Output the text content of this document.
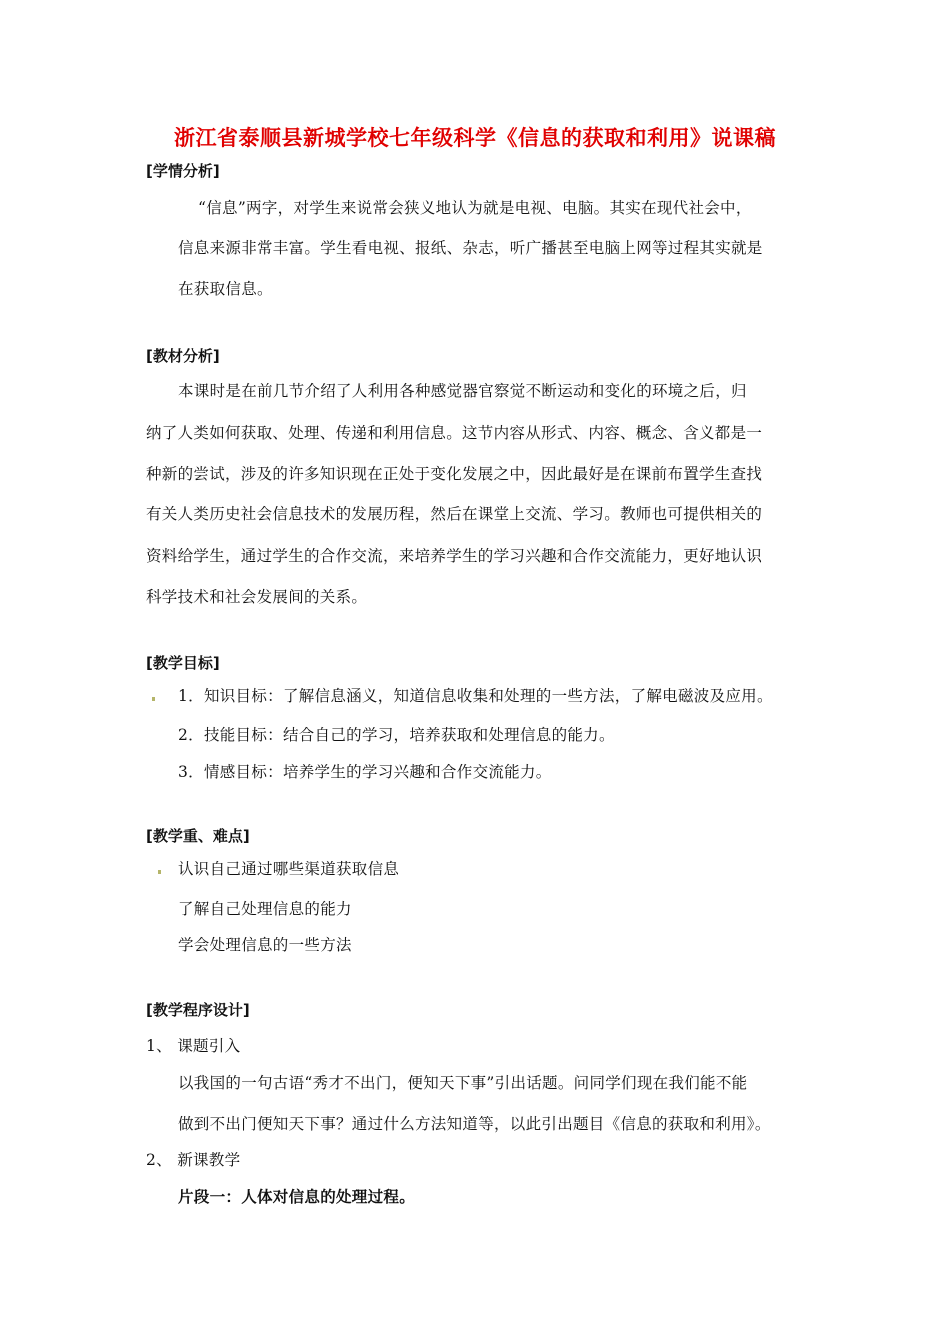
浙江省泰顺县新城学校七年级科学《信息的获取和利用》说课稿
[学情分析]
“信息”两字，对学生来说常会狭义地认为就是电视、电脑。其实在现代社会中，
信息来源非常丰富。学生看电视、报纸、杂志，听广播甚至电脑上网等过程其实就是
在获取信息。
[教材分析]
本课时是在前几节介绍了人利用各种感觉器官察觉不断运动和变化的环境之后，归
纳了人类如何获取、处理、传递和利用信息。这节内容从形式、内容、概念、含义都是一
种新的尝试，涉及的许多知识现在正处于变化发展之中，因此最好是在课前布置学生查找
有关人类历史社会信息技术的发展历程，然后在课堂上交流、学习。教师也可提供相关的
资料给学生，通过学生的合作交流，来培养学生的学习兴趣和合作交流能力，更好地认识
科学技术和社会发展间的关系。
[教学目标]
1．知识目标：了解信息涵义，知道信息收集和处理的一些方法，了解电磁波及应用。
2．技能目标：结合自己的学习，培养获取和处理信息的能力。
3．情感目标：培养学生的学习兴趣和合作交流能力。
[教学重、难点]
认识自己通过哪些渠道获取信息
了解自己处理信息的能力
学会处理信息的一些方法
[教学程序设计]
1、 课题引入
以我国的一句古语“秀才不出门，便知天下事”引出话题。问同学们现在我们能不能
做到不出门便知天下事？通过什么方法知道等，以此引出题目《信息的获取和利用》。
2、 新课教学
片段一：人体对信息的处理过程。
